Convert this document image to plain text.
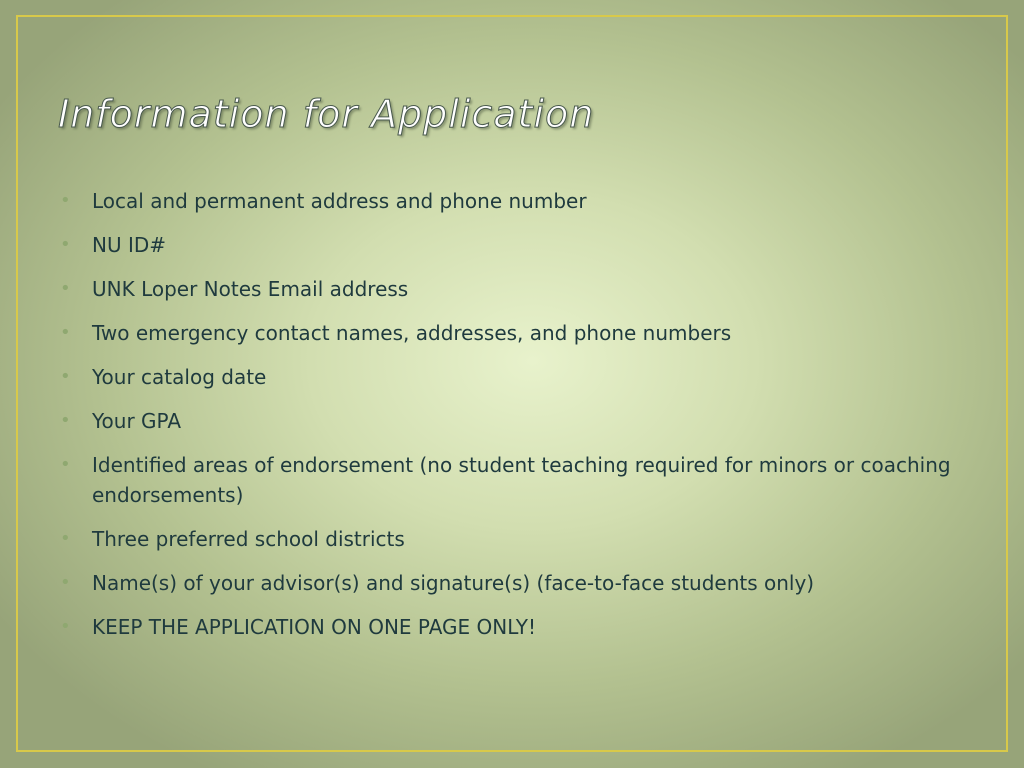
Information for Application
• Local and permanent address and phone number
• NU ID#
• UNK Loper Notes Email address
• Two emergency contact names, addresses, and phone numbers
• Your catalog date
• Your GPA
• Identified areas of endorsement (no student teaching required for minors or coaching endorsements)
• Three preferred school districts
• Name(s) of your advisor(s) and signature(s) (face-to-face students only)
• KEEP THE APPLICATION ON ONE PAGE ONLY!
